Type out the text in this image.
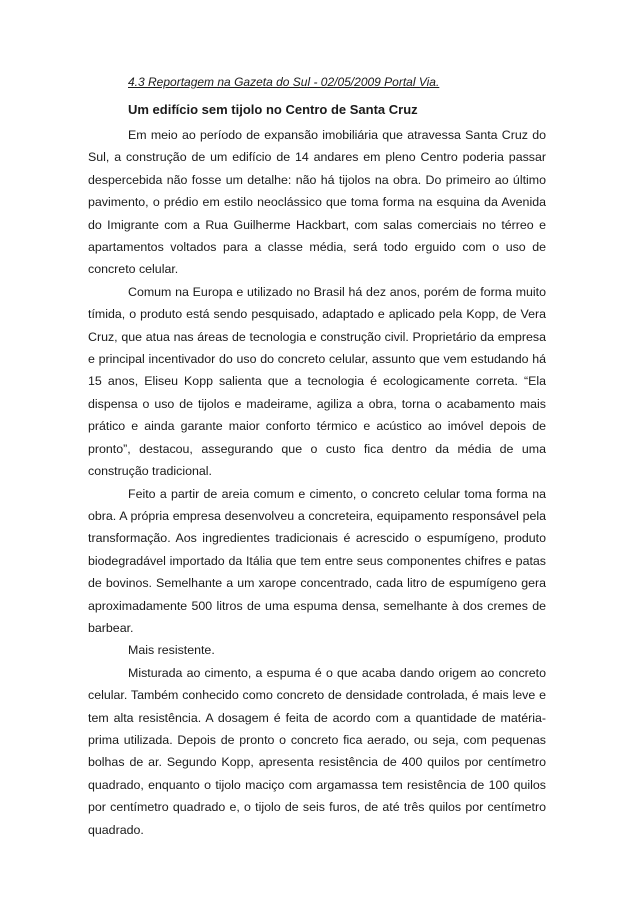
4.3 Reportagem na Gazeta do Sul - 02/05/2009 Portal Via.

Um edifício sem tijolo no Centro de Santa Cruz

Em meio ao período de expansão imobiliária que atravessa Santa Cruz do Sul, a construção de um edifício de 14 andares em pleno Centro poderia passar despercebida não fosse um detalhe: não há tijolos na obra. Do primeiro ao último pavimento, o prédio em estilo neoclássico que toma forma na esquina da Avenida do Imigrante com a Rua Guilherme Hackbart, com salas comerciais no térreo e apartamentos voltados para a classe média, será todo erguido com o uso de concreto celular.

Comum na Europa e utilizado no Brasil há dez anos, porém de forma muito tímida, o produto está sendo pesquisado, adaptado e aplicado pela Kopp, de Vera Cruz, que atua nas áreas de tecnologia e construção civil. Proprietário da empresa e principal incentivador do uso do concreto celular, assunto que vem estudando há 15 anos, Eliseu Kopp salienta que a tecnologia é ecologicamente correta. “Ela dispensa o uso de tijolos e madeirame, agiliza a obra, torna o acabamento mais prático e ainda garante maior conforto térmico e acústico ao imóvel depois de pronto”, destacou, assegurando que o custo fica dentro da média de uma construção tradicional.

Feito a partir de areia comum e cimento, o concreto celular toma forma na obra. A própria empresa desenvolveu a concreteira, equipamento responsável pela transformação. Aos ingredientes tradicionais é acrescido o espumígeno, produto biodegradável importado da Itália que tem entre seus componentes chifres e patas de bovinos. Semelhante a um xarope concentrado, cada litro de espumígeno gera aproximadamente 500 litros de uma espuma densa, semelhante à dos cremes de barbear.

Mais resistente.

Misturada ao cimento, a espuma é o que acaba dando origem ao concreto celular. Também conhecido como concreto de densidade controlada, é mais leve e tem alta resistência. A dosagem é feita de acordo com a quantidade de matéria-prima utilizada. Depois de pronto o concreto fica aerado, ou seja, com pequenas bolhas de ar. Segundo Kopp, apresenta resistência de 400 quilos por centímetro quadrado, enquanto o tijolo maciço com argamassa tem resistência de 100 quilos por centímetro quadrado e, o tijolo de seis furos, de até três quilos por centímetro quadrado.
